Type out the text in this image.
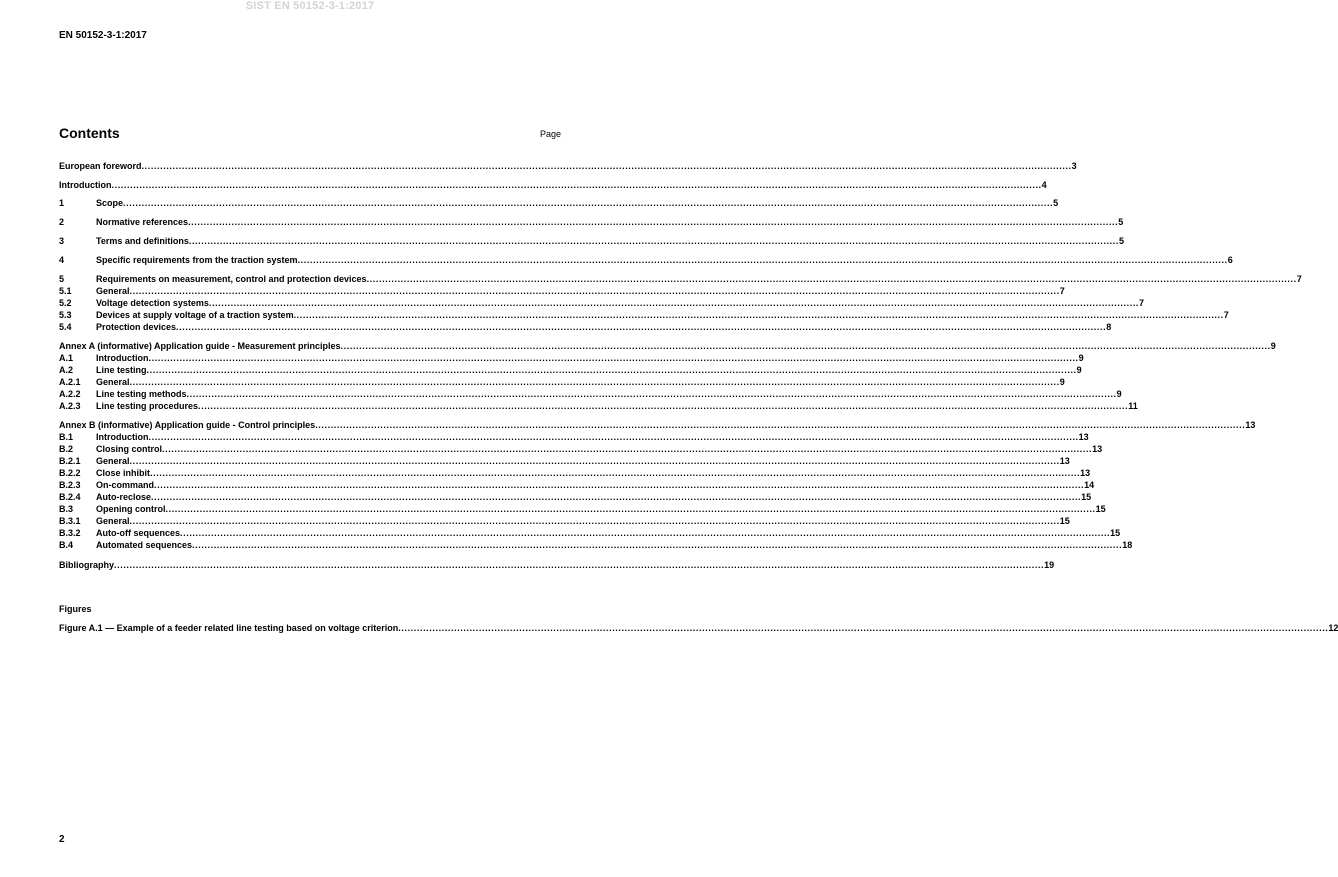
SIST EN 50152-3-1:2017
EN 50152-3-1:2017
Contents	Page
European foreword ............................................................................................................................................................................................................................................................................................................ 3
Introduction ............................................................................................................................................................................................................................................................................................................ 4
1	Scope ............................................................................................................................................................................................................................................................................................................ 5
2	Normative references ............................................................................................................................................................................................................................................................................................................ 5
3	Terms and definitions ............................................................................................................................................................................................................................................................................................................ 5
4	Specific requirements from the traction system ............................................................................................................................................................................................................................................................................................................ 6
5	Requirements on measurement, control and protection devices ............................................................................................................................................................................................................................................................................................................ 7
5.1	General ............................................................................................................................................................................................................................................................................................................ 7
5.2	Voltage detection systems ............................................................................................................................................................................................................................................................................................................ 7
5.3	Devices at supply voltage of a traction system ............................................................................................................................................................................................................................................................................................................ 7
5.4	Protection devices ............................................................................................................................................................................................................................................................................................................ 8
Annex A (informative) Application guide - Measurement principles ............................................................................................................................................................................................................................................................................................................ 9
A.1	Introduction ............................................................................................................................................................................................................................................................................................................ 9
A.2	Line testing ............................................................................................................................................................................................................................................................................................................ 9
A.2.1	General ............................................................................................................................................................................................................................................................................................................ 9
A.2.2	Line testing methods ............................................................................................................................................................................................................................................................................................................ 9
A.2.3	Line testing procedures ............................................................................................................................................................................................................................................................................................................ 11
Annex B (informative) Application guide - Control principles ............................................................................................................................................................................................................................................................................................................ 13
B.1	Introduction ............................................................................................................................................................................................................................................................................................................ 13
B.2	Closing control ............................................................................................................................................................................................................................................................................................................ 13
B.2.1	General ............................................................................................................................................................................................................................................................................................................ 13
B.2.2	Close inhibit ............................................................................................................................................................................................................................................................................................................ 13
B.2.3	On-command ............................................................................................................................................................................................................................................................................................................ 14
B.2.4	Auto-reclose ............................................................................................................................................................................................................................................................................................................ 15
B.3	Opening control ............................................................................................................................................................................................................................................................................................................ 15
B.3.1	General ............................................................................................................................................................................................................................................................................................................ 15
B.3.2	Auto-off sequences ............................................................................................................................................................................................................................................................................................................ 15
B.4	Automated sequences ............................................................................................................................................................................................................................................................................................................ 18
Bibliography ............................................................................................................................................................................................................................................................................................................ 19
Figures
Figure A.1 — Example of a feeder related line testing based on voltage criterion ............................................................................................................................................................................................................................................................................................................ 12
2
